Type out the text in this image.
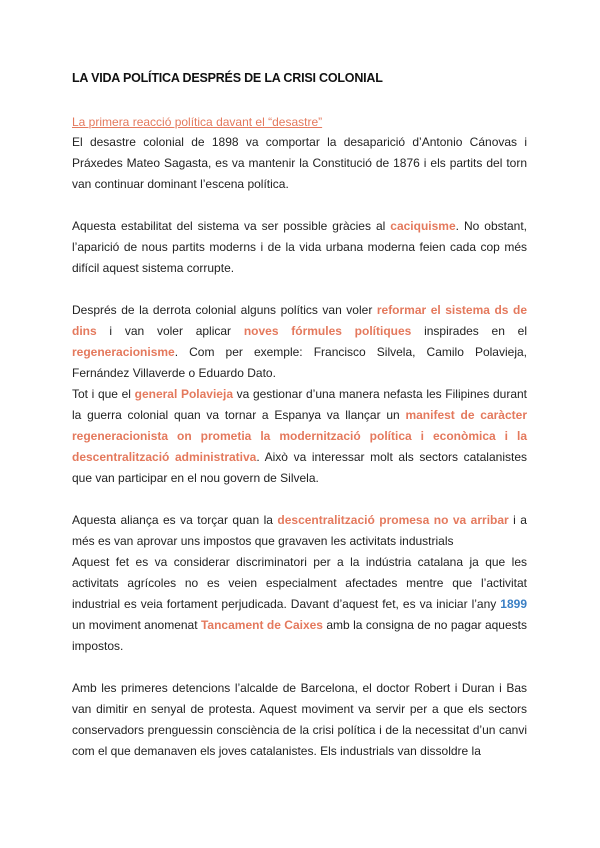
LA VIDA POLÍTICA DESPRÉS DE LA CRISI COLONIAL
La primera reacció política davant el “desastre”

El desastre colonial de 1898 va comportar la desaparició d’Antonio Cánovas i Práxedes Mateo Sagasta, es va mantenir la Constitució de 1876 i els partits del torn van continuar dominant l’escena política.

Aquesta estabilitat del sistema va ser possible gràcies al caciquisme. No obstant, l’aparició de nous partits moderns i de la vida urbana moderna feien cada cop més difícil aquest sistema corrupte.

Després de la derrota colonial alguns polítics van voler reformar el sistema ds de dins i van voler aplicar noves fórmules polítiques inspirades en el regeneracionisme. Com per exemple: Francisco Silvela, Camilo Polavieja, Fernández Villaverde o Eduardo Dato.

Tot i que el general Polavieja va gestionar d’una manera nefasta les Filipines durant la guerra colonial quan va tornar a Espanya va llançar un manifest de caràcter regeneracionista on prometia la modernització política i econòmica i la descentralització administrativa. Això va interessar molt als sectors catalanistes que van participar en el nou govern de Silvela.

Aquesta aliança es va torçar quan la descentralització promesa no va arribar i a més es van aprovar uns impostos que gravaven les activitats industrials

Aquest fet es va considerar discriminatori per a la indústria catalana ja que les activitats agrícoles no es veien especialment afectades mentre que l’activitat industrial es veia fortament perjudicada. Davant d’aquest fet, es va iniciar l’any 1899 un moviment anomenat Tancament de Caixes amb la consigna de no pagar aquests impostos.

Amb les primeres detencions l’alcalde de Barcelona, el doctor Robert i Duran i Bas van dimitir en senyal de protesta. Aquest moviment va servir per a que els sectors conservadors prenguessin consciència de la crisi política i de la necessitat d’un canvi com el que demanaven els joves catalanistes. Els industrials van dissoldre la
